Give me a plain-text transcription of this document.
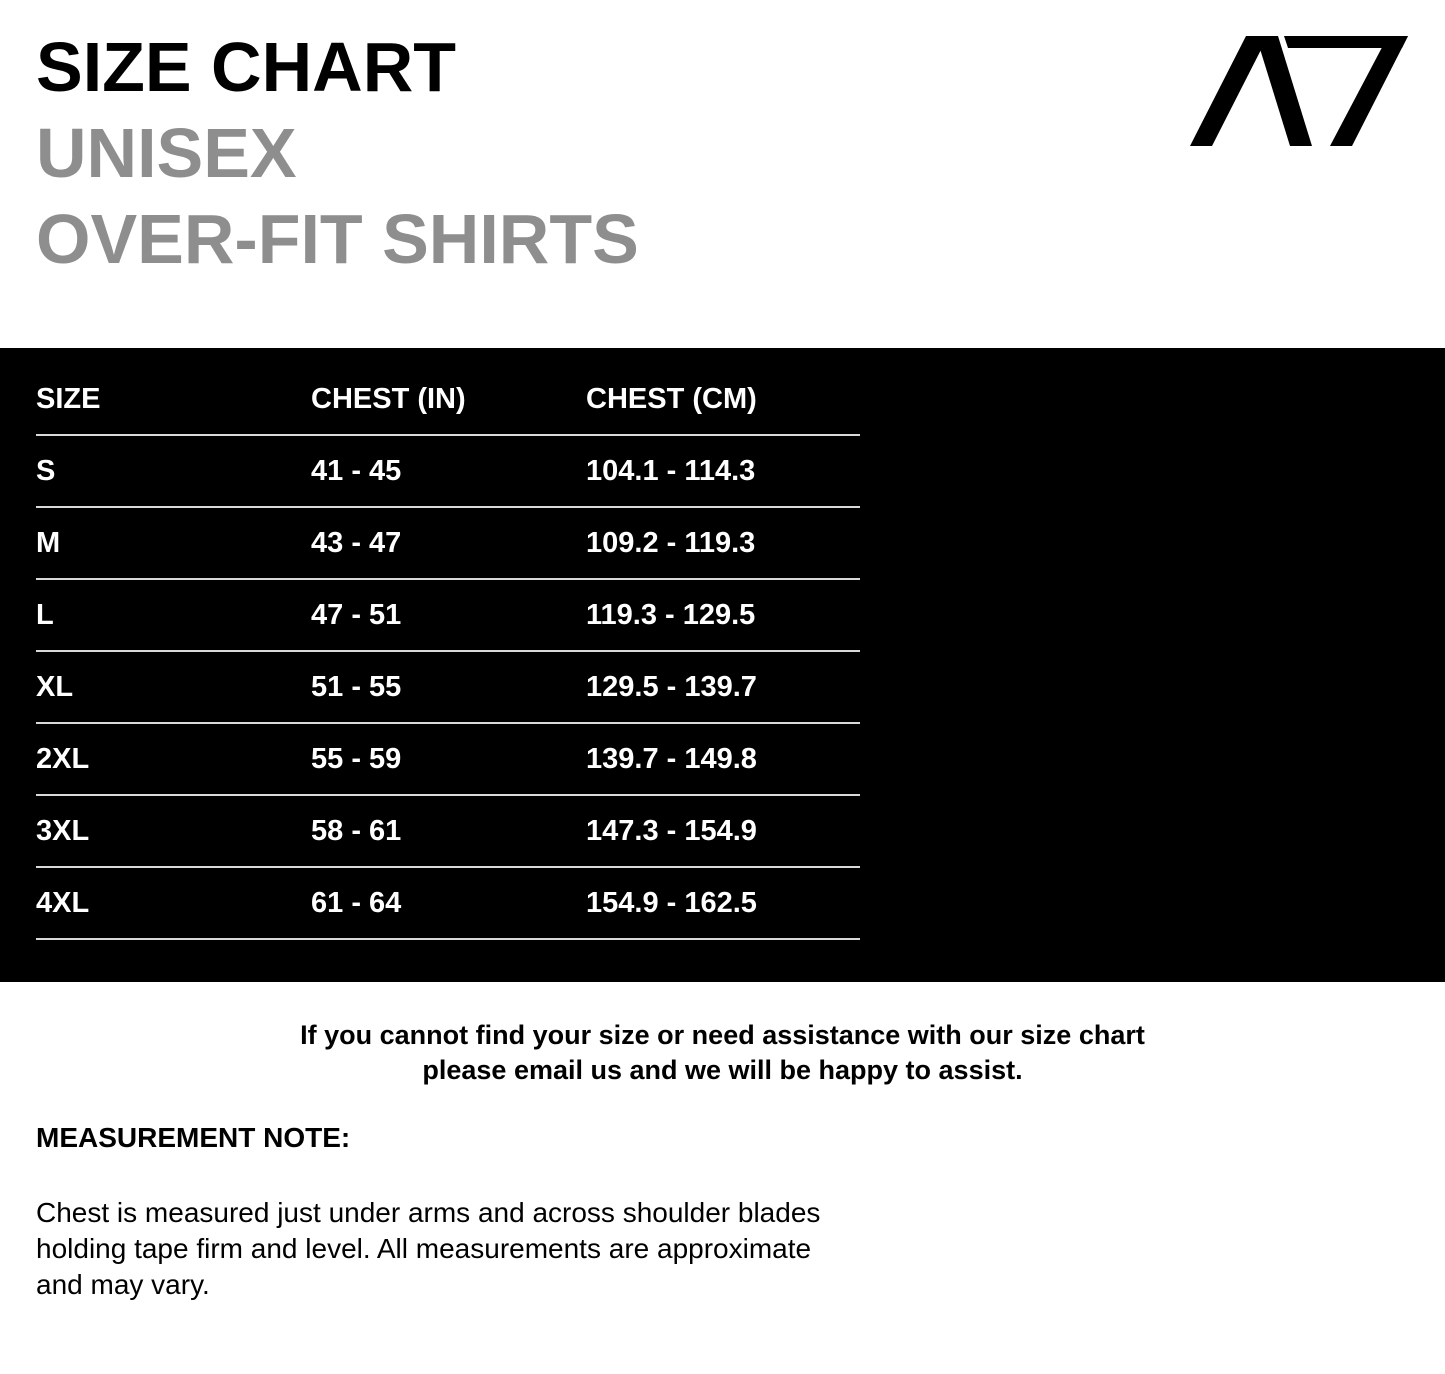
SIZE CHART
UNISEX
OVER-FIT SHIRTS
SIZE	CHEST (IN)	CHEST (CM)
S	41 - 45	104.1 - 114.3
M	43 - 47	109.2 - 119.3
L	47 - 51	119.3 - 129.5
XL	51 - 55	129.5 - 139.7
2XL	55 - 59	139.7 - 149.8
3XL	58 - 61	147.3 - 154.9
4XL	61 - 64	154.9 - 162.5
If you cannot find your size or need assistance with our size chart
please email us and we will be happy to assist.
MEASUREMENT NOTE:
Chest is measured just under arms and across shoulder blades
holding tape firm and level. All measurements are approximate
and may vary.
